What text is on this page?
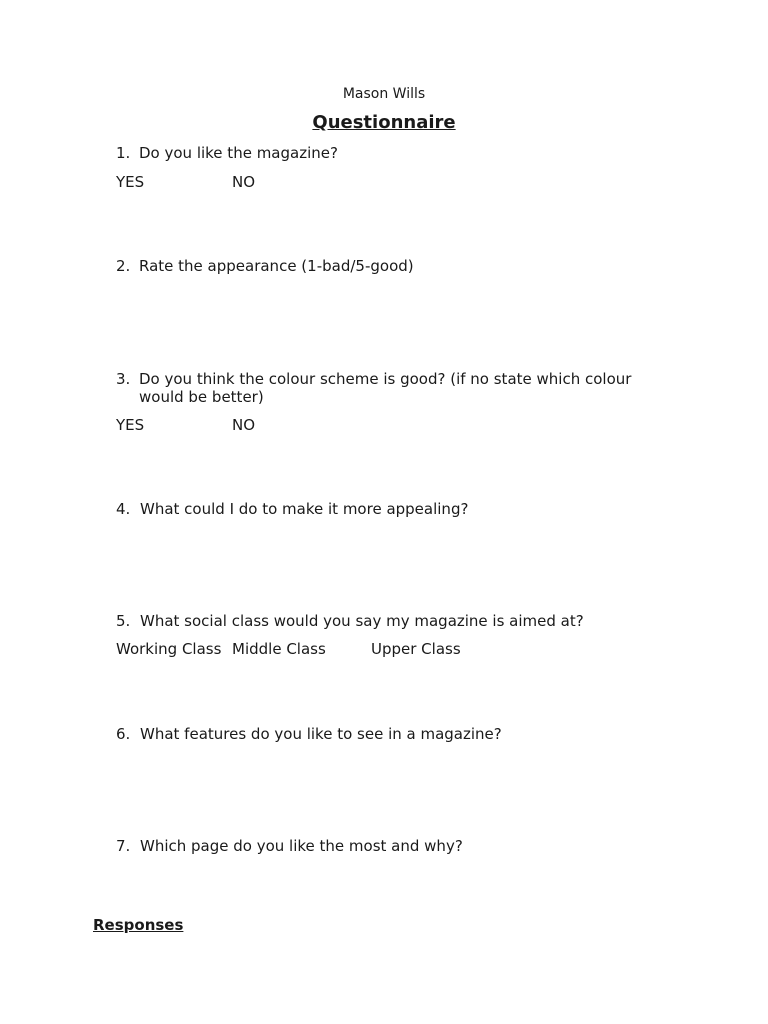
Mason Wills
Questionnaire
1. Do you like the magazine?
YES	NO
2. Rate the appearance (1-bad/5-good)
3. Do you think the colour scheme is good? (if no state which colour
would be better)
YES	NO
4. What could I do to make it more appealing?
5. What social class would you say my magazine is aimed at?
Working Class Middle Class	Upper Class
6. What features do you like to see in a magazine?
7. Which page do you like the most and why?
Responses
